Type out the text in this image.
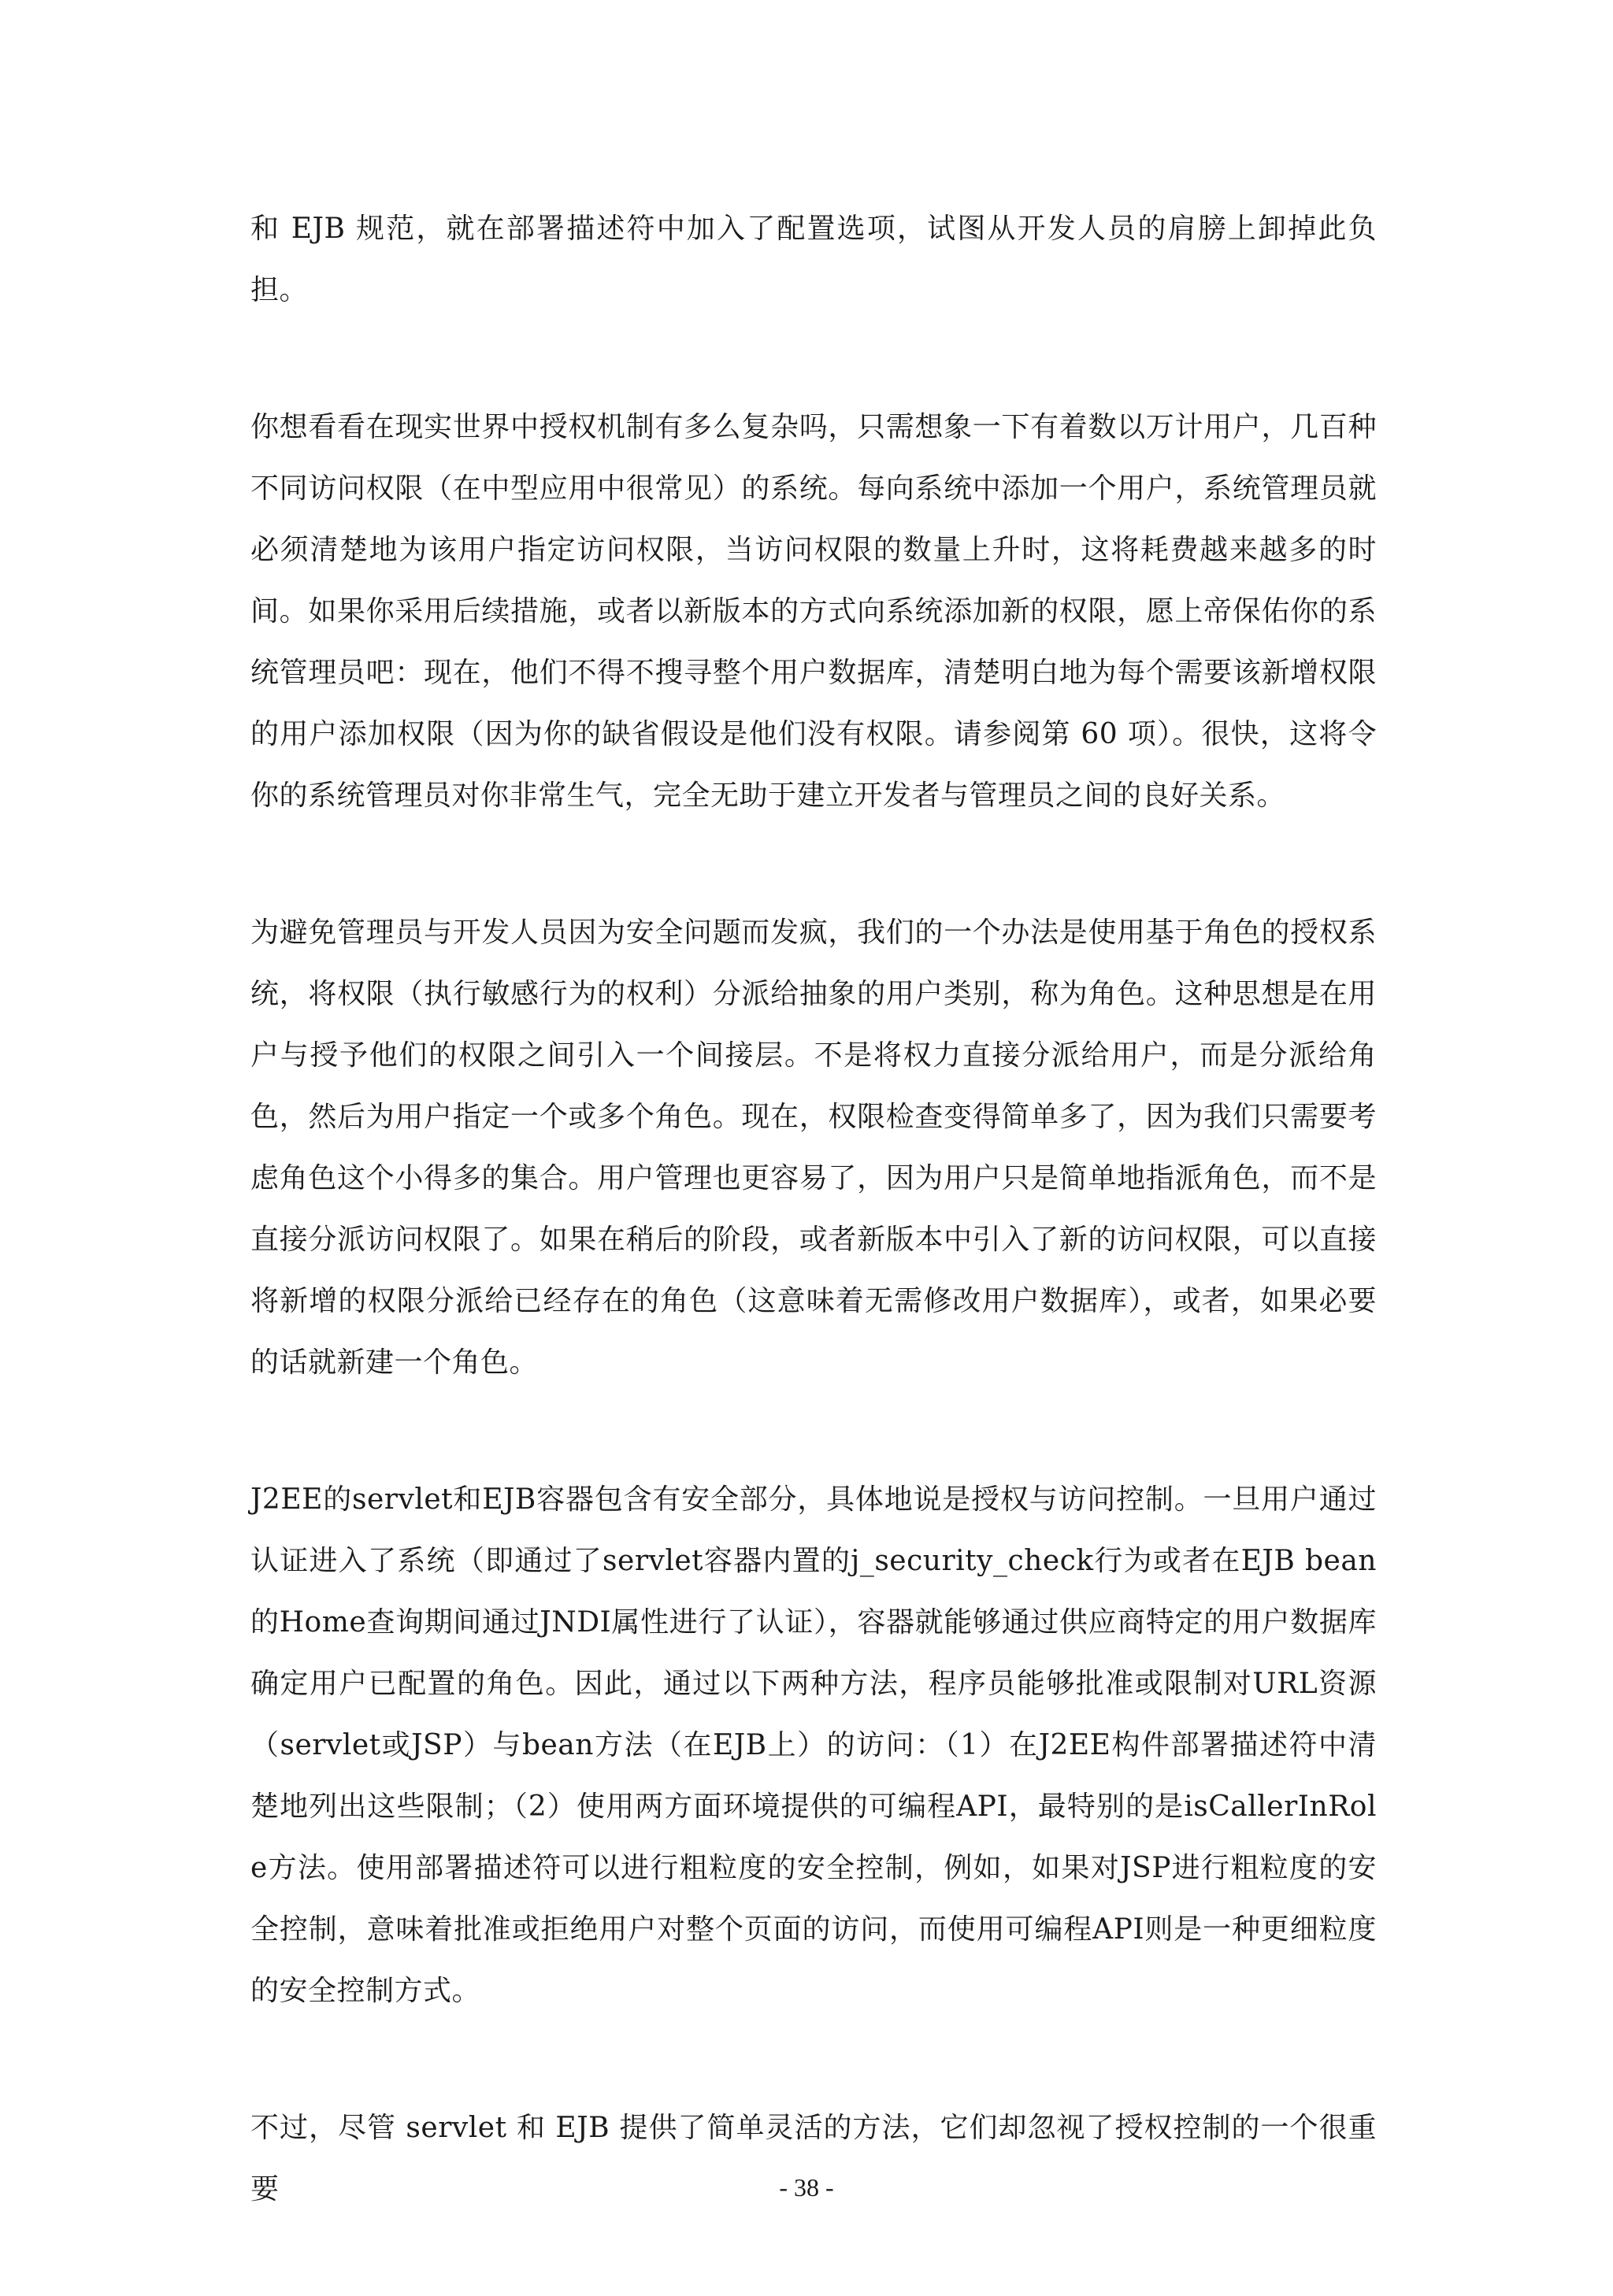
和 EJB 规范，就在部署描述符中加入了配置选项，试图从开发人员的肩膀上卸掉此负担。

你想看看在现实世界中授权机制有多么复杂吗，只需想象一下有着数以万计用户，几百种不同访问权限（在中型应用中很常见）的系统。每向系统中添加一个用户，系统管理员就必须清楚地为该用户指定访问权限，当访问权限的数量上升时，这将耗费越来越多的时间。如果你采用后续措施，或者以新版本的方式向系统添加新的权限，愿上帝保佑你的系统管理员吧：现在，他们不得不搜寻整个用户数据库，清楚明白地为每个需要该新增权限的用户添加权限（因为你的缺省假设是他们没有权限。请参阅第 60 项）。很快，这将令你的系统管理员对你非常生气，完全无助于建立开发者与管理员之间的良好关系。

为避免管理员与开发人员因为安全问题而发疯，我们的一个办法是使用基于角色的授权系统，将权限（执行敏感行为的权利）分派给抽象的用户类别，称为角色。这种思想是在用户与授予他们的权限之间引入一个间接层。不是将权力直接分派给用户，而是分派给角色，然后为用户指定一个或多个角色。现在，权限检查变得简单多了，因为我们只需要考虑角色这个小得多的集合。用户管理也更容易了，因为用户只是简单地指派角色，而不是直接分派访问权限了。如果在稍后的阶段，或者新版本中引入了新的访问权限，可以直接将新增的权限分派给已经存在的角色（这意味着无需修改用户数据库），或者，如果必要的话就新建一个角色。

J2EE的servlet和EJB容器包含有安全部分，具体地说是授权与访问控制。一旦用户通过认证进入了系统（即通过了servlet容器内置的j_security_check行为或者在EJB bean的Home查询期间通过JNDI属性进行了认证），容器就能够通过供应商特定的用户数据库确定用户已配置的角色。因此，通过以下两种方法，程序员能够批准或限制对URL资源（servlet或JSP）与bean方法（在EJB上）的访问：（1）在J2EE构件部署描述符中清楚地列出这些限制；（2）使用两方面环境提供的可编程API，最特别的是isCallerInRole方法。使用部署描述符可以进行粗粒度的安全控制，例如，如果对JSP进行粗粒度的安全控制，意味着批准或拒绝用户对整个页面的访问，而使用可编程API则是一种更细粒度的安全控制方式。

不过，尽管 servlet 和 EJB 提供了简单灵活的方法，它们却忽视了授权控制的一个很重要	- 38 -
